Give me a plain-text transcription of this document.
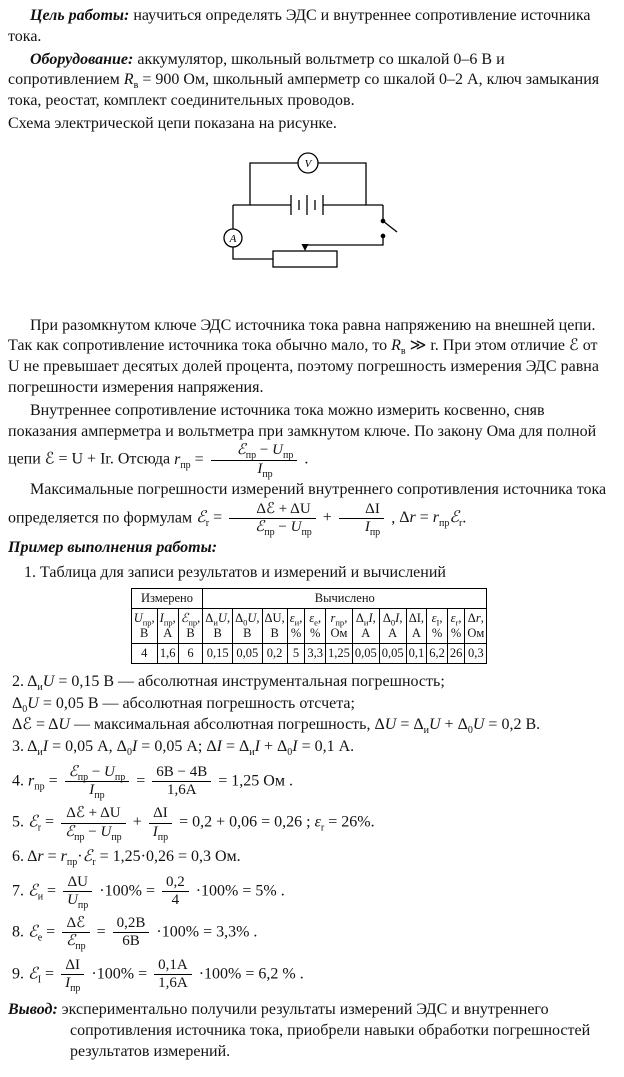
Цель работы: научиться определять ЭДС и внутреннее сопротивление источника тока.

Оборудование: аккумулятор, школьный вольтметр со шкалой 0–6 В и сопротивлением $R_в = 900$ Ом, школьный амперметр со шкалой 0–2 А, ключ замыкания тока, реостат, комплект соединительных проводов.

Схема электрической цепи показана на рисунке.

V
A

При разомкнутом ключе ЭДС источника тока равна напряжению на внешней цепи. Так как сопротивление источника тока обычно мало, то $R_в$ ≫ r. При этом отличие ℰ от U не превышает десятых долей процента, поэтому погрешность измерения ЭДС равна погрешности измерения напряжения.

Внутреннее сопротивление источника тока можно измерить косвенно, сняв показания амперметра и вольтметра при замкнутом ключе. По закону Ома для полной цепи ℰ = U + Ir. Отсюда $r_{пр} = \frac{ℰ_{пр} - U_{пр}}{I_{пр}}$ .

Максимальные погрешности измерений внутреннего сопротивления источника тока определяется по формулам ℰ$_r$ = $\frac{\text{Δℰ + ΔU}}{ℰ_{пр} - U_{пр}} + \frac{\Delta I}{I_{пр}}$ , $\Delta r = r_{пр}ℰ_r$.

Пример выполнения работы:

1. Таблица для записи результатов и измерений и вычислений

Измерено			Вычислено											
$U_{пр}$,
В	$I_{пр}$,
А	ℰ$_{пр}$,
В	$\Delta_иU$,
В	$\Delta_0U$,
В	ΔU,
В	$\varepsilon_и$,
%	$\varepsilon_е$,
%	$r_{пр}$,
Ом	$\Delta_иI$,
А	$\Delta_0I$,
А	ΔI,
А	$\varepsilon_I$,
%	$\varepsilon_r$,
%	Δr,
Ом
4	1,6	6	0,15	0,05	0,2	5	3,3	1,25	0,05	0,05	0,1	6,2	26	0,3
2. $\Delta_иU = 0,15$ В — абсолютная инструментальная погрешность;
$\Delta_0U = 0,05$ В — абсолютная погрешность отсчета;
Δℰ = ΔU — максимальная абсолютная погрешность, $\Delta U = \Delta_иU + \Delta_0U = 0,2$ В.
3. $\Delta_иI = 0,05$ А, $\Delta_0I = 0,05$ А; $\Delta I = \Delta_иI + \Delta_0I = 0,1$ А.
4. $r_{пр} = \frac{ℰ_{пр} - U_{пр}}{I_{пр}} = \frac{6В - 4В}{1,6А} = 1,25$ Ом .
5. ℰ$_r$ = $\frac{\text{Δℰ + ΔU}}{ℰ_{пр} - U_{пр}} + \frac{\Delta I}{I_{пр}} = 0,2 + 0,06 = 0,26$ ; $\varepsilon_r = 26\%$.
6. $\Delta r = r_{пр}\cdot ℰ_r = 1,25\cdot 0,26 = 0,3$ Ом.
7. ℰ$_и$ = $\frac{\Delta U}{U_{пр}} \cdot 100\% = \frac{0,2}{4} \cdot 100\% = 5\%$ .
8. ℰ$_е$ = $\frac{\text{Δℰ}}{ℰ_{пр}} = \frac{0,2В}{6В} \cdot 100\% = 3,3\%$ .
9. ℰ$_I$ = $\frac{\Delta I}{I_{пр}} \cdot 100\% = \frac{0,1А}{1,6А} \cdot 100\% = 6,2$ % .

Вывод: экспериментально получили результаты измерений ЭДС и внутреннего сопротивления источника тока, приобрели навыки обработки погрешностей результатов измерений.
